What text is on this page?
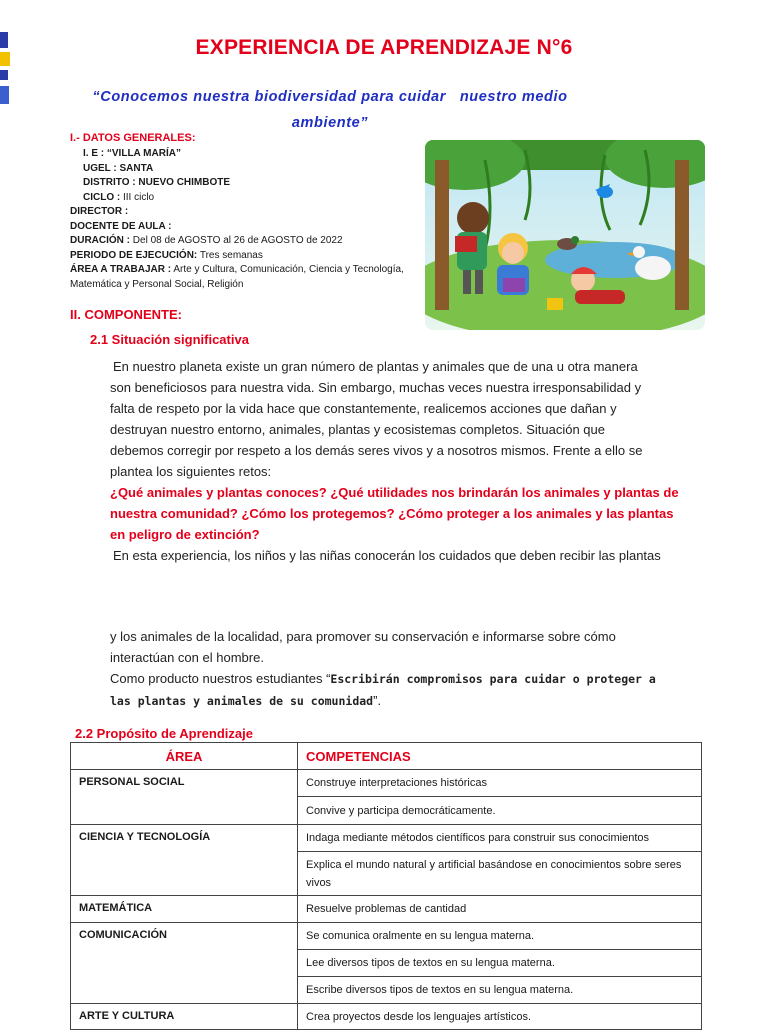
EXPERIENCIA DE APRENDIZAJE N°6
“Conocemos nuestra biodiversidad para cuidar   nuestro medio
ambiente”
I.- DATOS GENERALES:
I. E : “VILLA MARÍA”
UGEL : SANTA
DISTRITO : NUEVO CHIMBOTE
CICLO : III ciclo
DIRECTOR :
DOCENTE DE AULA :
DURACIÓN : Del 08 de AGOSTO al 26 de AGOSTO de 2022
PERIODO DE EJECUCIÓN: Tres semanas
ÁREA A TRABAJAR : Arte y Cultura, Comunicación, Ciencia y Tecnología,
Matemática y Personal Social, Religión
II. COMPONENTE:
2.1 Situación significativa
En nuestro planeta existe un gran número de plantas y animales que de una u otra manera
son beneficiosos para nuestra vida. Sin embargo, muchas veces nuestra irresponsabilidad y
falta de respeto por la vida hace que constantemente, realicemos acciones que dañan y
destruyan nuestro entorno, animales, plantas y ecosistemas completos. Situación que
debemos corregir por respeto a los demás seres vivos y a nosotros mismos. Frente a ello se
plantea los siguientes retos:
¿Qué animales y plantas conoces? ¿Qué utilidades nos brindarán los animales y plantas de
nuestra comunidad? ¿Cómo los protegemos? ¿Cómo proteger a los animales y las plantas
en peligro de extinción?
En esta experiencia, los niños y las niñas conocerán los cuidados que deben recibir las plantas
y los animales de la localidad, para promover su conservación e informarse sobre cómo
interactúan con el hombre.
Como producto nuestros estudiantes “Escribirán compromisos para cuidar o proteger a
las plantas y animales de su comunidad”.
2.2 Propósito de Aprendizaje
ÁREA	COMPETENCIAS
PERSONAL SOCIAL	Construye interpretaciones históricas
	Convive y participa democráticamente.
CIENCIA Y TECNOLOGÍA	Indaga mediante métodos científicos para construir sus conocimientos
	Explica el mundo natural y artificial basándose en conocimientos sobre seres vivos
MATEMÁTICA	Resuelve problemas de cantidad
COMUNICACIÓN	Se comunica oralmente en su lengua materna.
	Lee diversos tipos de textos en su lengua materna.
	Escribe diversos tipos de textos en su lengua materna.
ARTE Y CULTURA	Crea proyectos desde los lenguajes artísticos.
